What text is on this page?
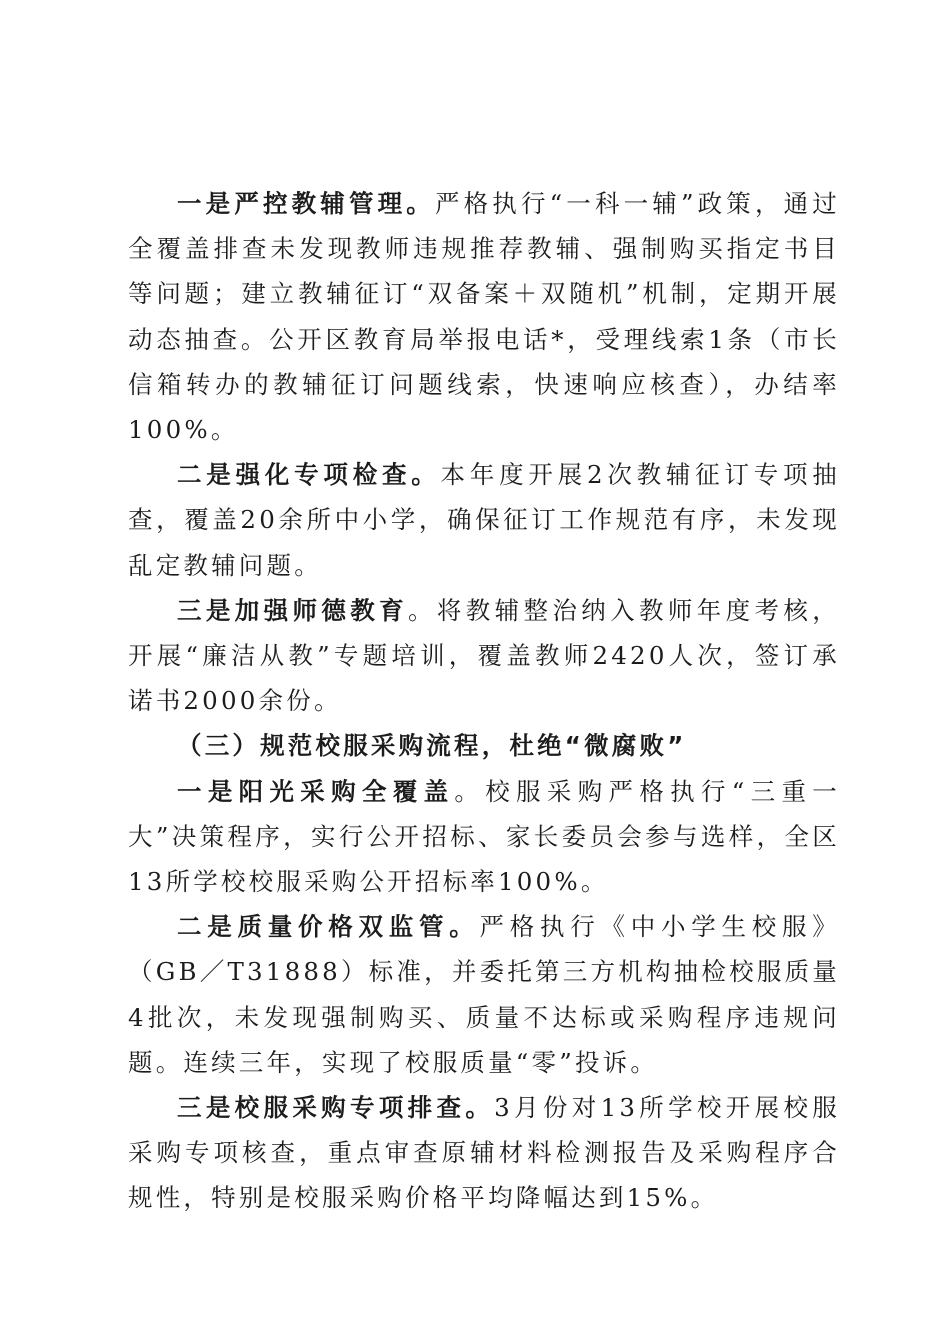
一是严控教辅管理。严格执行“一科一辅”政策，通过全覆盖排查未发现教师违规推荐教辅、强制购买指定书目等问题；建立教辅征订“双备案＋双随机”机制，定期开展动态抽查。公开区教育局举报电话*，受理线索1条（市长信箱转办的教辅征订问题线索，快速响应核查），办结率100%。

二是强化专项检查。本年度开展2次教辅征订专项抽查，覆盖20余所中小学，确保征订工作规范有序，未发现乱定教辅问题。

三是加强师德教育。将教辅整治纳入教师年度考核，开展“廉洁从教”专题培训，覆盖教师2420人次，签订承诺书2000余份。

（三）规范校服采购流程，杜绝“微腐败”

一是阳光采购全覆盖。校服采购严格执行“三重一大”决策程序，实行公开招标、家长委员会参与选样，全区13所学校校服采购公开招标率100%。

二是质量价格双监管。严格执行《中小学生校服》（GB／T31888）标准，并委托第三方机构抽检校服质量4批次，未发现强制购买、质量不达标或采购程序违规问题。连续三年，实现了校服质量“零”投诉。

三是校服采购专项排查。3月份对13所学校开展校服采购专项核查，重点审查原辅材料检测报告及采购程序合规性，特别是校服采购价格平均降幅达到15%。
